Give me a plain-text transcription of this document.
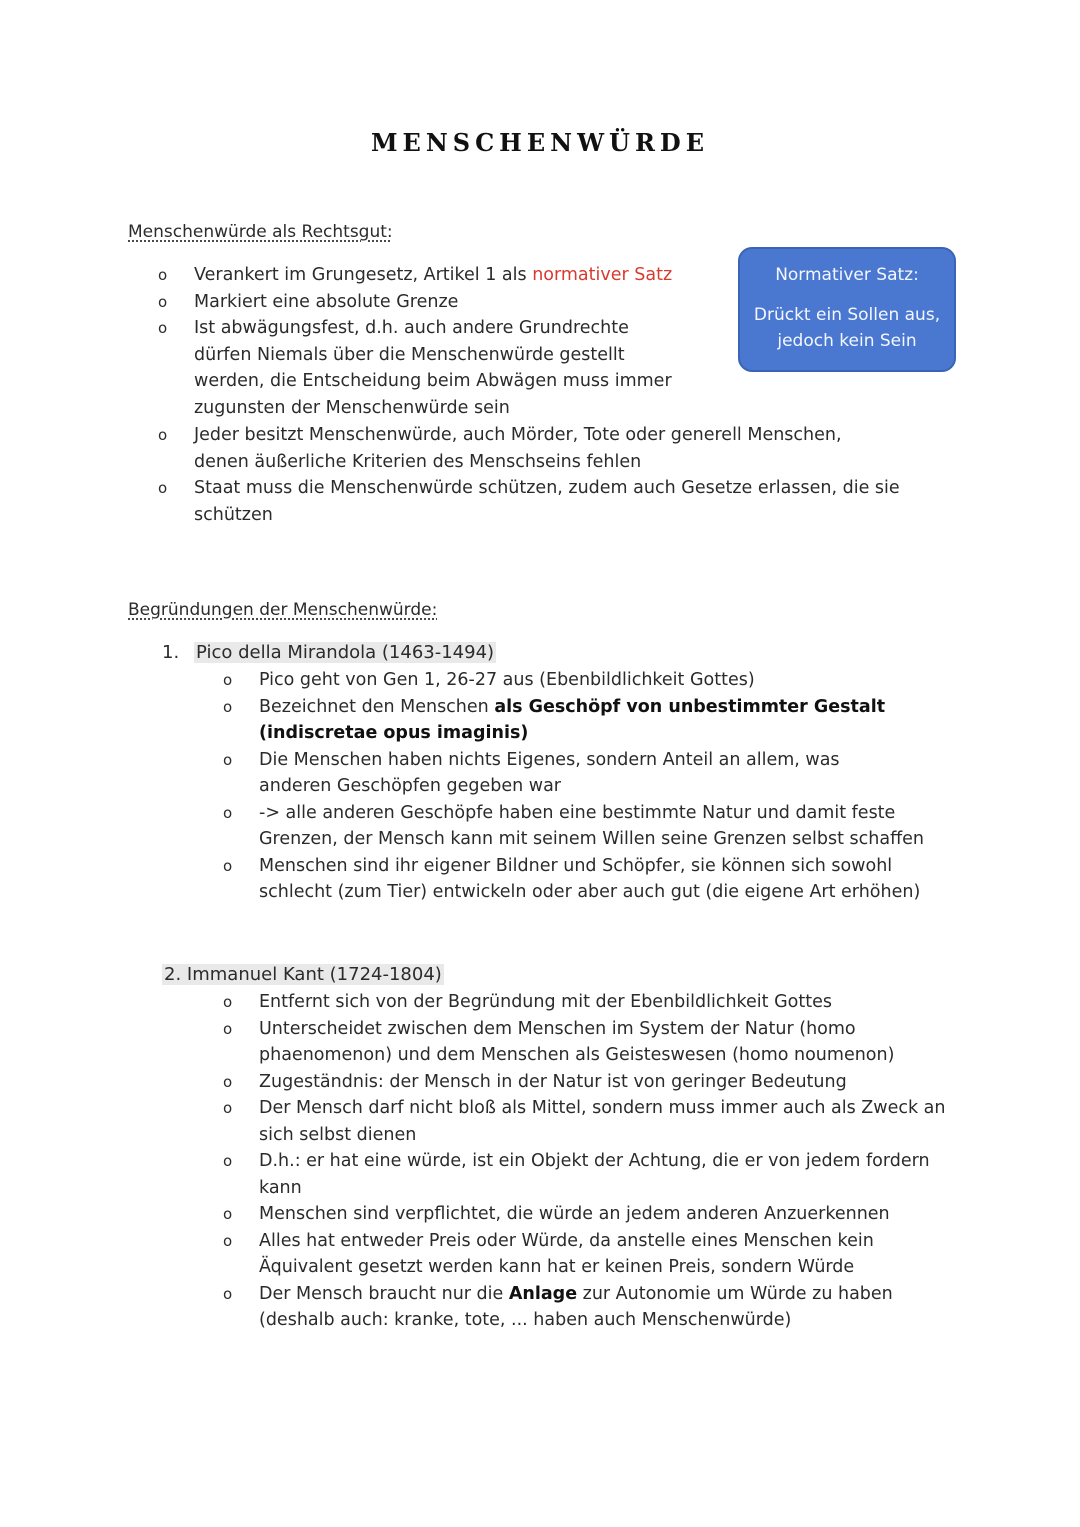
MENSCHENWÜRDE
Menschenwürde als Rechtsgut:
o Verankert im Grungesetz, Artikel 1 als normativer Satz
o Markiert eine absolute Grenze
o Ist abwägungsfest, d.h. auch andere Grundrechte dürfen Niemals über die Menschenwürde gestellt werden, die Entscheidung beim Abwägen muss immer zugunsten der Menschenwürde sein
o Jeder besitzt Menschenwürde, auch Mörder, Tote oder generell Menschen, denen äußerliche Kriterien des Menschseins fehlen
o Staat muss die Menschenwürde schützen, zudem auch Gesetze erlassen, die sie schützen
Normativer Satz:
Drückt ein Sollen aus, jedoch kein Sein
Begründungen der Menschenwürde:
1. Pico della Mirandola (1463-1494)
o Pico geht von Gen 1, 26-27 aus (Ebenbildlichkeit Gottes)
o Bezeichnet den Menschen als Geschöpf von unbestimmter Gestalt (indiscretae opus imaginis)
o Die Menschen haben nichts Eigenes, sondern Anteil an allem, was anderen Geschöpfen gegeben war
o -> alle anderen Geschöpfe haben eine bestimmte Natur und damit feste Grenzen, der Mensch kann mit seinem Willen seine Grenzen selbst schaffen
o Menschen sind ihr eigener Bildner und Schöpfer, sie können sich sowohl schlecht (zum Tier) entwickeln oder aber auch gut (die eigene Art erhöhen)
2. Immanuel Kant (1724-1804)
o Entfernt sich von der Begründung mit der Ebenbildlichkeit Gottes
o Unterscheidet zwischen dem Menschen im System der Natur (homo phaenomenon) und dem Menschen als Geisteswesen (homo noumenon)
o Zugeständnis: der Mensch in der Natur ist von geringer Bedeutung
o Der Mensch darf nicht bloß als Mittel, sondern muss immer auch als Zweck an sich selbst dienen
o D.h.: er hat eine würde, ist ein Objekt der Achtung, die er von jedem fordern kann
o Menschen sind verpflichtet, die würde an jedem anderen Anzuerkennen
o Alles hat entweder Preis oder Würde, da anstelle eines Menschen kein Äquivalent gesetzt werden kann hat er keinen Preis, sondern Würde
o Der Mensch braucht nur die Anlage zur Autonomie um Würde zu haben (deshalb auch: kranke, tote, ... haben auch Menschenwürde)
